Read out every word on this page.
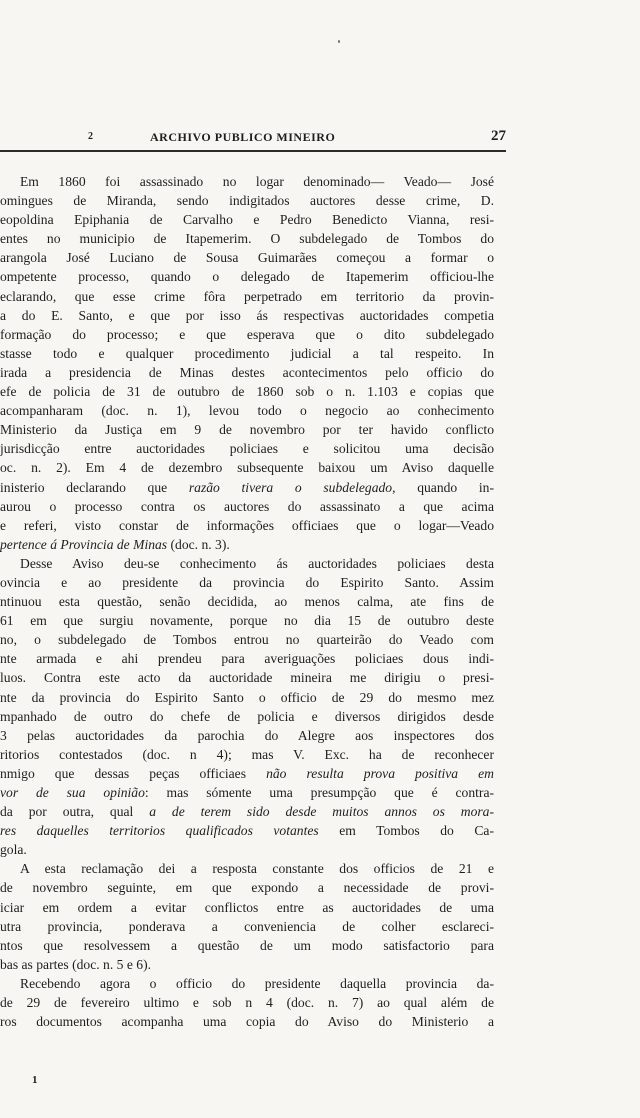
2	ARCHIVO PUBLICO MINEIRO	27
Em 1860 foi assassinado no logar denominado— Veado— José
omingues de Miranda, sendo indigitados auctores desse crime, D.
eopoldina Epiphania de Carvalho e Pedro Benedicto Vianna, resi-
entes no municipio de Itapemerim. O subdelegado de Tombos do
arangola José Luciano de Sousa Guimarães começou a formar o
ompetente processo, quando o delegado de Itapemerim officiou-lhe
eclarando, que esse crime fôra perpetrado em territorio da provin-
a do E. Santo, e que por isso ás respectivas auctoridades competia
formação do processo; e que esperava que o dito subdelegado
stasse todo e qualquer procedimento judicial a tal respeito. In
irada a presidencia de Minas destes acontecimentos pelo officio do
efe de policia de 31 de outubro de 1860 sob o n. 1.103 e copias que
acompanharam (doc. n. 1), levou todo o negocio ao conhecimento
Ministerio da Justiça em 9 de novembro por ter havido conflicto
jurisdicção entre auctoridades policiaes e solicitou uma decisão
oc. n. 2). Em 4 de dezembro subsequente baixou um Aviso daquelle
inisterio declarando que razão tivera o subdelegado, quando in-
aurou o processo contra os auctores do assassinato a que acima
e referi, visto constar de informações officiaes que o logar—Veado
pertence á Provincia de Minas (doc. n. 3).
Desse Aviso deu-se conhecimento ás auctoridades policiaes desta
ovincia e ao presidente da provincia do Espirito Santo. Assim
ntinuou esta questão, senão decidida, ao menos calma, ate fins de
61 em que surgiu novamente, porque no dia 15 de outubro deste
no, o subdelegado de Tombos entrou no quarteirão do Veado com
nte armada e ahi prendeu para averiguações policiaes dous indi-
luos. Contra este acto da auctoridade mineira me dirigiu o presi-
nte da provincia do Espirito Santo o officio de 29 do mesmo mez
mpanhado de outro do chefe de policia e diversos dirigidos desde
3 pelas auctoridades da parochia do Alegre aos inspectores dos
ritorios contestados (doc. n 4); mas V. Exc. ha de reconhecer
nmigo que dessas peças officiaes não resulta prova positiva em
vor de sua opinião: mas sómente uma presumpção que é contra-
da por outra, qual a de terem sido desde muitos annos os mora-
res daquelles territorios qualificados votantes em Tombos do Ca-
gola.
A esta reclamação dei a resposta constante dos officios de 21 e
de novembro seguinte, em que expondo a necessidade de provi-
iciar em ordem a evitar conflictos entre as auctoridades de uma
utra provincia, ponderava a conveniencia de colher esclareci-
ntos que resolvessem a questão de um modo satisfactorio para
bas as partes (doc. n. 5 e 6).
Recebendo agora o officio do presidente daquella provincia da-
de 29 de fevereiro ultimo e sob n 4 (doc. n. 7) ao qual além de
ros documentos acompanha uma copia do Aviso do Ministerio a
1
